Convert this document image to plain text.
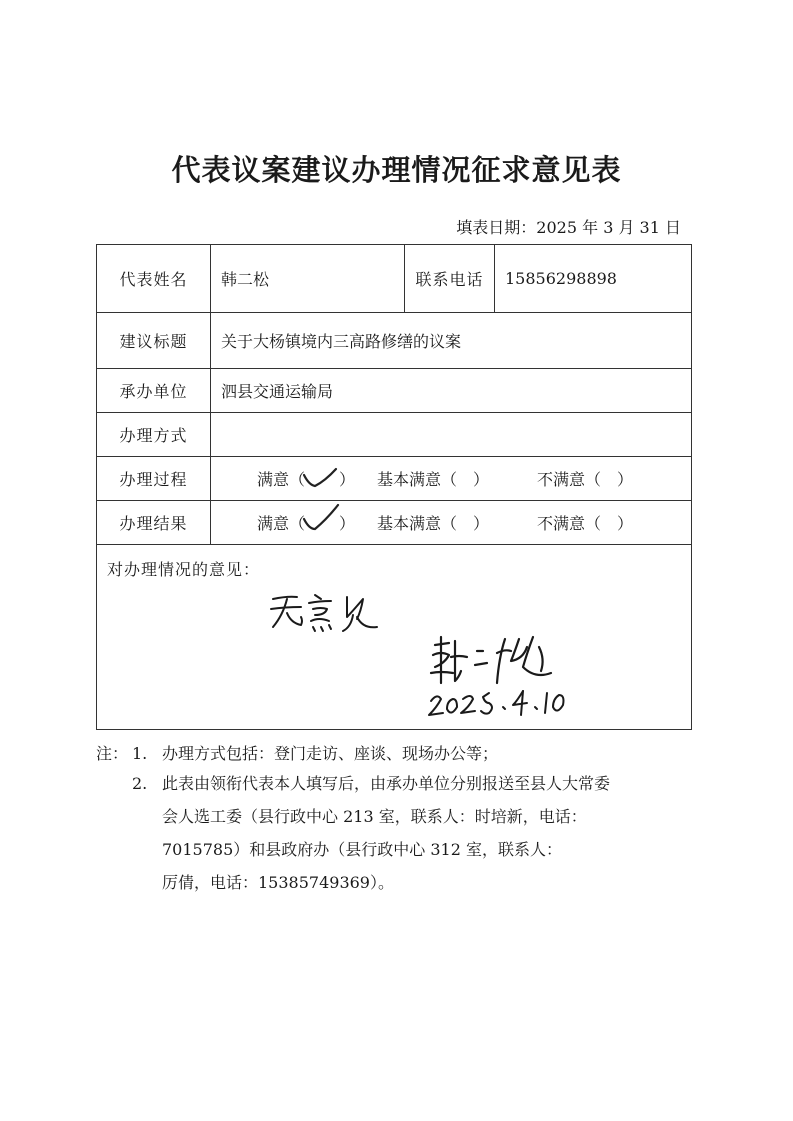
代表议案建议办理情况征求意见表
填表日期：2025 年 3 月 31 日
代表姓名	韩二松	联系电话	15856298898
建议标题	关于大杨镇境内三高路修缮的议案
承办单位	泗县交通运输局
办理方式
办理过程	满意（ ） 基本满意（　）	不满意（　）
办理结果	满意（ ） 基本满意（　）	不满意（　）
对办理情况的意见：
注： 1. 办理方式包括：登门走访、座谈、现场办公等；
2. 此表由领衔代表本人填写后，由承办单位分别报送至县人大常委
会人选工委（县行政中心 213 室，联系人：时培新，电话：
7015785）和县政府办（县行政中心 312 室，联系人：
厉倩，电话：15385749369）。
